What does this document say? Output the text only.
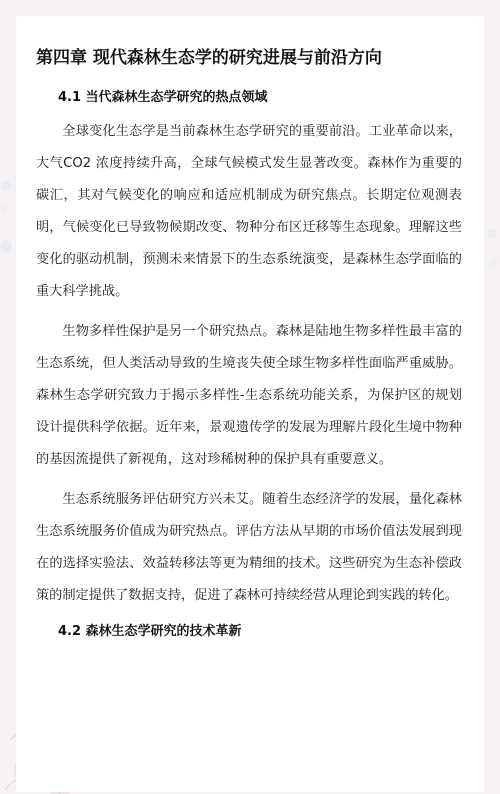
第四章 现代森林生态学的研究进展与前沿方向
4.1 当代森林生态学研究的热点领域

全球变化生态学是当前森林生态学研究的重要前沿。工业革命以来，大气CO2 浓度持续升高，全球气候模式发生显著改变。森林作为重要的碳汇，其对气候变化的响应和适应机制成为研究焦点。长期定位观测表明，气候变化已导致物候期改变、物种分布区迁移等生态现象。理解这些变化的驱动机制，预测未来情景下的生态系统演变，是森林生态学面临的重大科学挑战。

生物多样性保护是另一个研究热点。森林是陆地生物多样性最丰富的生态系统，但人类活动导致的生境丧失使全球生物多样性面临严重威胁。森林生态学研究致力于揭示多样性-生态系统功能关系，为保护区的规划设计提供科学依据。近年来，景观遗传学的发展为理解片段化生境中物种的基因流提供了新视角，这对珍稀树种的保护具有重要意义。

生态系统服务评估研究方兴未艾。随着生态经济学的发展，量化森林生态系统服务价值成为研究热点。评估方法从早期的市场价值法发展到现在的选择实验法、效益转移法等更为精细的技术。这些研究为生态补偿政策的制定提供了数据支持，促进了森林可持续经营从理论到实践的转化。

4.2 森林生态学研究的技术革新
